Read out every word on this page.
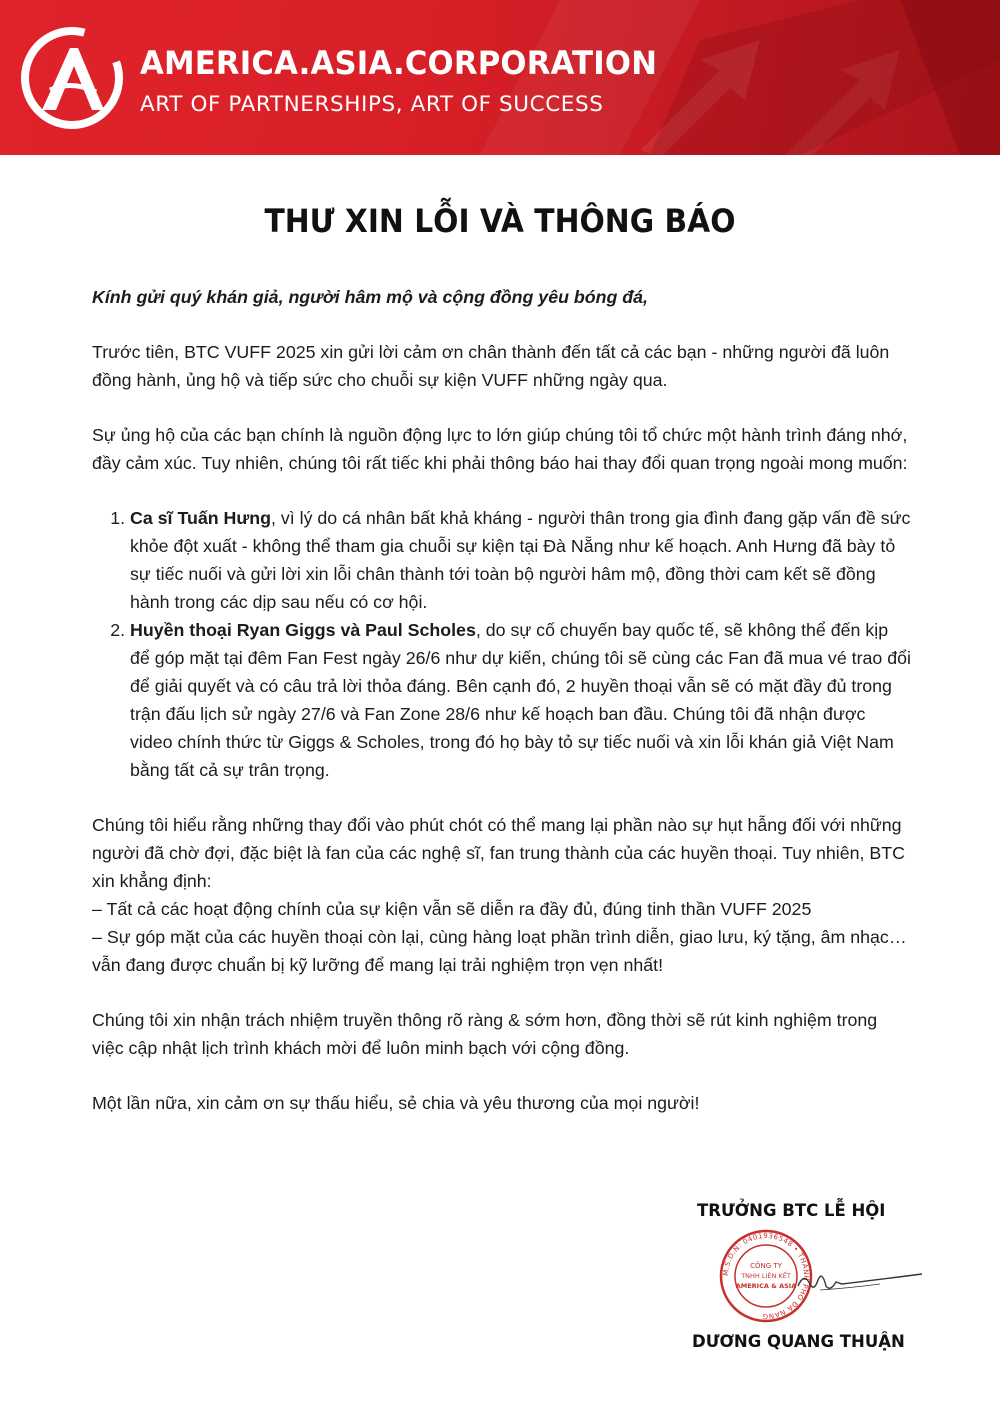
AMERICA.ASIA.CORPORATION
ART OF PARTNERSHIPS, ART OF SUCCESS
THƯ XIN LỖI VÀ THÔNG BÁO

Kính gửi quý khán giả, người hâm mộ và cộng đồng yêu bóng đá,

Trước tiên, BTC VUFF 2025 xin gửi lời cảm ơn chân thành đến tất cả các bạn - những người đã luôn đồng hành, ủng hộ và tiếp sức cho chuỗi sự kiện VUFF những ngày qua.

Sự ủng hộ của các bạn chính là nguồn động lực to lớn giúp chúng tôi tổ chức một hành trình đáng nhớ, đầy cảm xúc. Tuy nhiên, chúng tôi rất tiếc khi phải thông báo hai thay đổi quan trọng ngoài mong muốn:

1. Ca sĩ Tuấn Hưng, vì lý do cá nhân bất khả kháng - người thân trong gia đình đang gặp vấn đề sức khỏe đột xuất - không thể tham gia chuỗi sự kiện tại Đà Nẵng như kế hoạch. Anh Hưng đã bày tỏ sự tiếc nuối và gửi lời xin lỗi chân thành tới toàn bộ người hâm mộ, đồng thời cam kết sẽ đồng hành trong các dịp sau nếu có cơ hội.
2. Huyền thoại Ryan Giggs và Paul Scholes, do sự cố chuyến bay quốc tế, sẽ không thể đến kịp để góp mặt tại đêm Fan Fest ngày 26/6 như dự kiến, chúng tôi sẽ cùng các Fan đã mua vé trao đổi để giải quyết và có câu trả lời thỏa đáng. Bên cạnh đó, 2 huyền thoại vẫn sẽ có mặt đầy đủ trong trận đấu lịch sử ngày 27/6 và Fan Zone 28/6 như kế hoạch ban đầu. Chúng tôi đã nhận được video chính thức từ Giggs & Scholes, trong đó họ bày tỏ sự tiếc nuối và xin lỗi khán giả Việt Nam bằng tất cả sự trân trọng.

Chúng tôi hiểu rằng những thay đổi vào phút chót có thể mang lại phần nào sự hụt hẫng đối với những người đã chờ đợi, đặc biệt là fan của các nghệ sĩ, fan trung thành của các huyền thoại. Tuy nhiên, BTC xin khẳng định:
– Tất cả các hoạt động chính của sự kiện vẫn sẽ diễn ra đầy đủ, đúng tinh thần VUFF 2025
– Sự góp mặt của các huyền thoại còn lại, cùng hàng loạt phần trình diễn, giao lưu, ký tặng, âm nhạc… vẫn đang được chuẩn bị kỹ lưỡng để mang lại trải nghiệm trọn vẹn nhất!

Chúng tôi xin nhận trách nhiệm truyền thông rõ ràng & sớm hơn, đồng thời sẽ rút kinh nghiệm trong việc cập nhật lịch trình khách mời để luôn minh bạch với cộng đồng.

Một lần nữa, xin cảm ơn sự thấu hiểu, sẻ chia và yêu thương của mọi người!

TRƯỞNG BTC LỄ HỘI
M.S.D.N: 0401936548 • THÀNH PHỐ ĐÀ NẴNG
CÔNG TY
TNHH LIÊN KẾT
AMERICA & ASIA
DƯƠNG QUANG THUẬN
